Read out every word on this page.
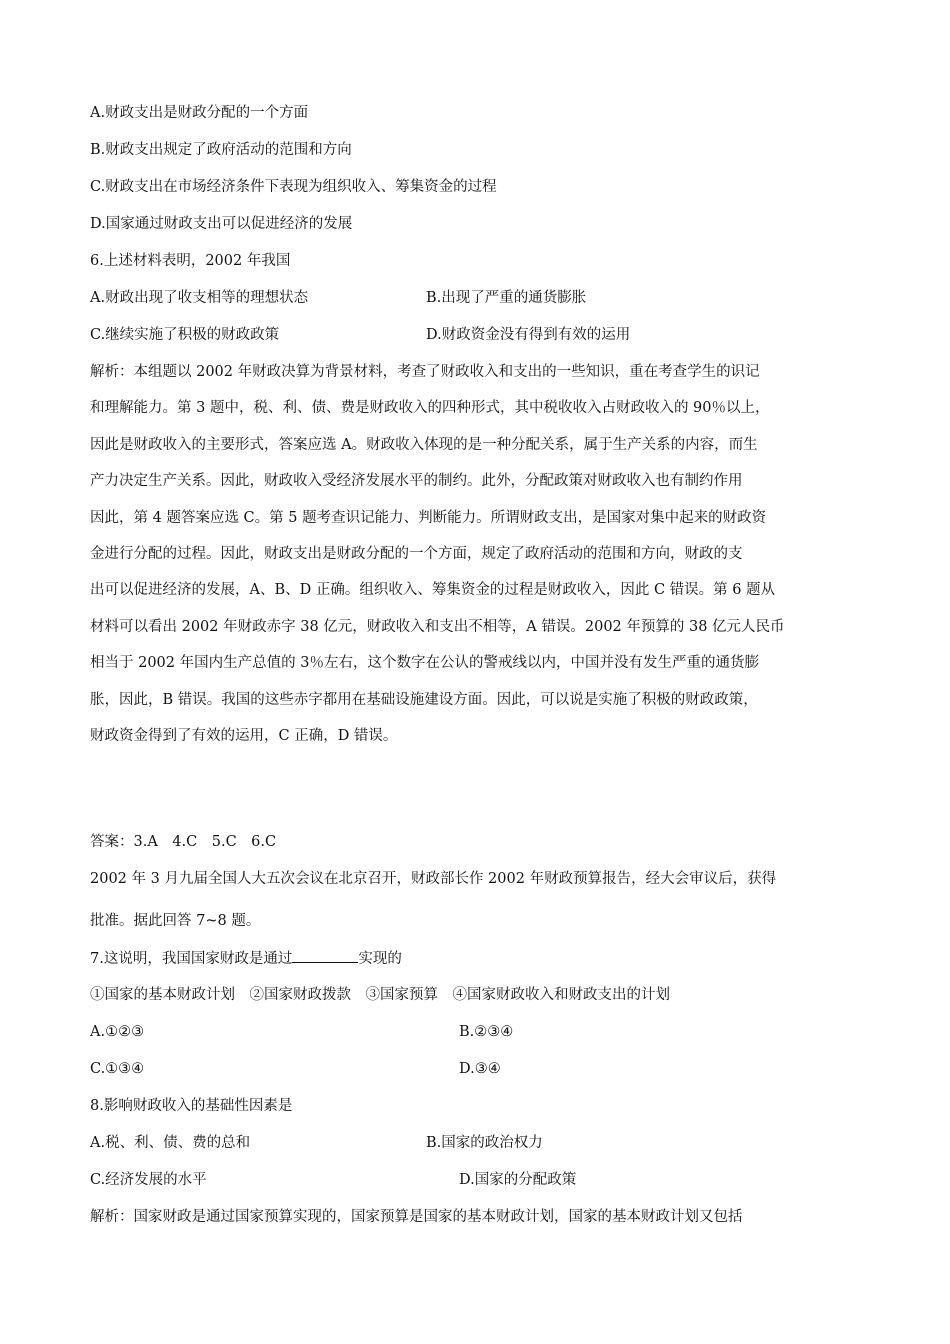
A.财政支出是财政分配的一个方面
B.财政支出规定了政府活动的范围和方向
C.财政支出在市场经济条件下表现为组织收入、筹集资金的过程
D.国家通过财政支出可以促进经济的发展
6.上述材料表明，2002 年我国
A.财政出现了收支相等的理想状态	B.出现了严重的通货膨胀
C.继续实施了积极的财政政策	D.财政资金没有得到有效的运用
解析：本组题以 2002 年财政决算为背景材料，考查了财政收入和支出的一些知识，重在考查学生的识记
和理解能力。第 3 题中，税、利、债、费是财政收入的四种形式，其中税收收入占财政收入的 90％以上，
因此是财政收入的主要形式，答案应选 A。财政收入体现的是一种分配关系，属于生产关系的内容，而生
产力决定生产关系。因此，财政收入受经济发展水平的制约。此外，分配政策对财政收入也有制约作用
因此，第 4 题答案应选 C。第 5 题考查识记能力、判断能力。所谓财政支出，是国家对集中起来的财政资
金进行分配的过程。因此，财政支出是财政分配的一个方面，规定了政府活动的范围和方向，财政的支
出可以促进经济的发展，A、B、D 正确。组织收入、筹集资金的过程是财政收入，因此 C 错误。第 6 题从
材料可以看出 2002 年财政赤字 38 亿元，财政收入和支出不相等，A 错误。2002 年预算的 38 亿元人民币
相当于 2002 年国内生产总值的 3％左右，这个数字在公认的警戒线以内，中国并没有发生严重的通货膨
胀，因此，B 错误。我国的这些赤字都用在基础设施建设方面。因此，可以说是实施了积极的财政政策，
财政资金得到了有效的运用，C 正确，D 错误。
答案：3.A　4.C　5.C　6.C
2002 年 3 月九届全国人大五次会议在北京召开，财政部长作 2002 年财政预算报告，经大会审议后，获得
批准。据此回答 7~8 题。
7.这说明，我国国家财政是通过	实现的
①国家的基本财政计划　②国家财政拨款　③国家预算　④国家财政收入和财政支出的计划
A.①②③	B.②③④
C.①③④	D.③④
8.影响财政收入的基础性因素是
A.税、利、债、费的总和	B.国家的政治权力
C.经济发展的水平	D.国家的分配政策
解析：国家财政是通过国家预算实现的，国家预算是国家的基本财政计划，国家的基本财政计划又包括
